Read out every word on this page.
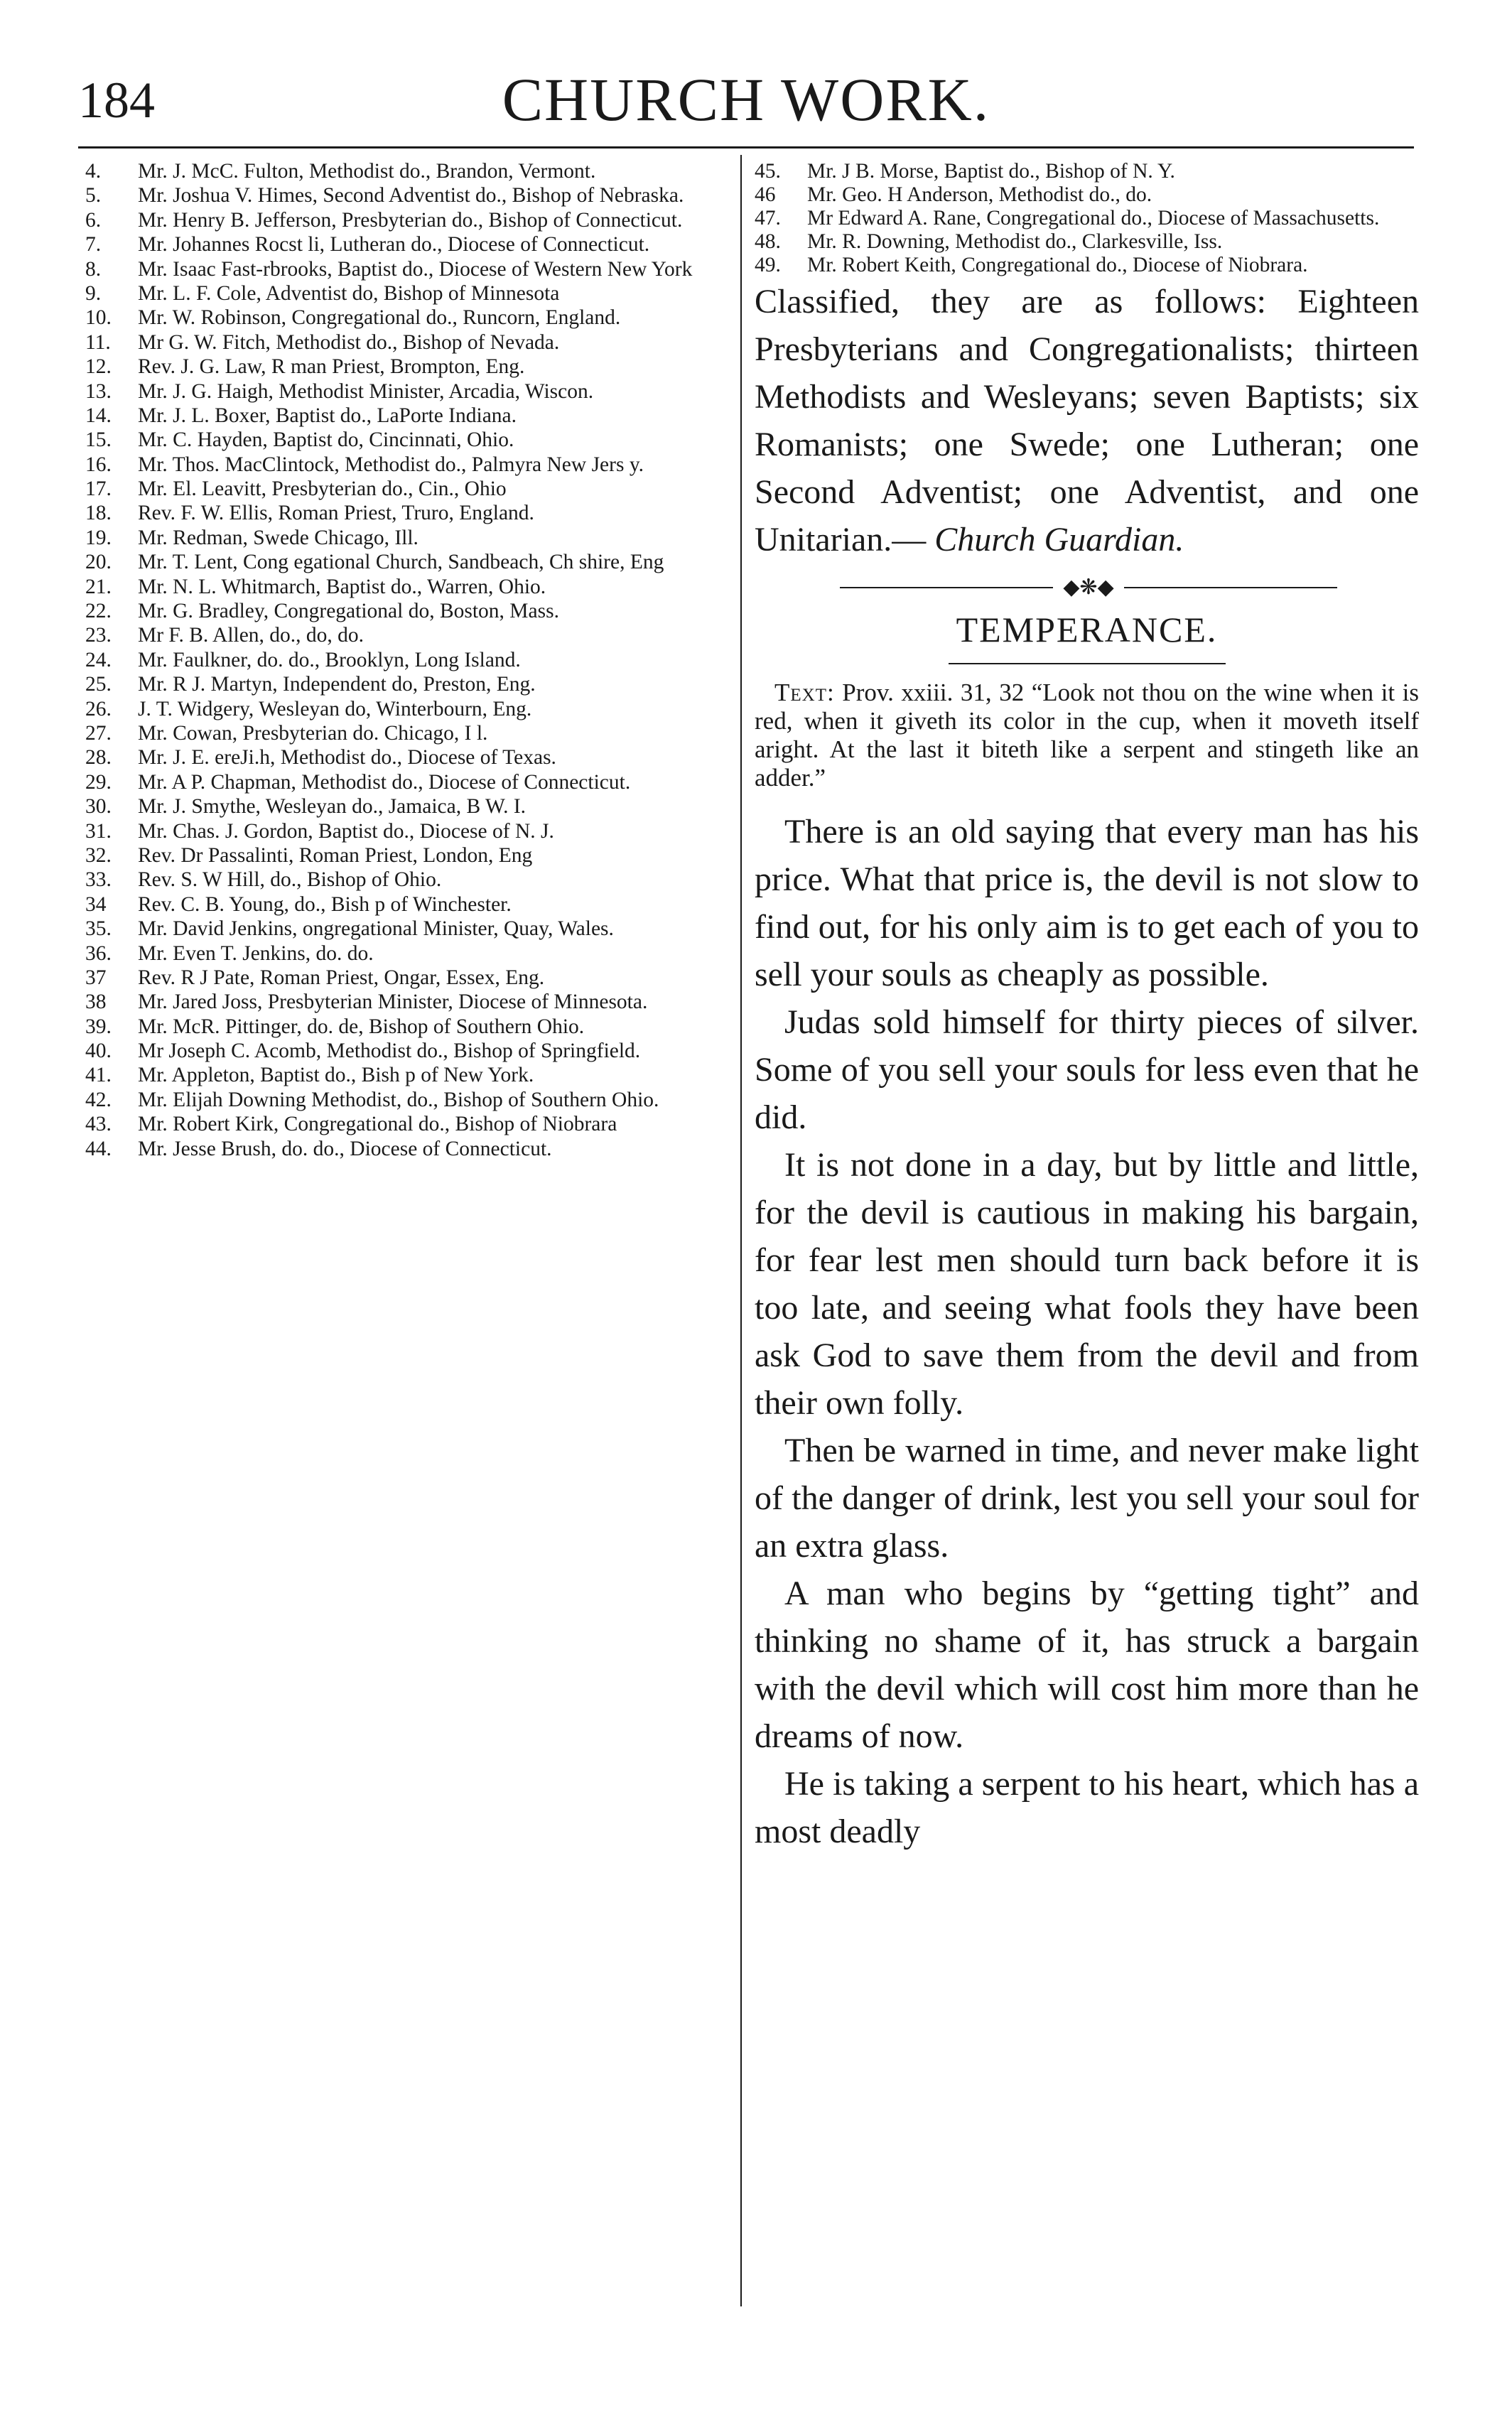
184	CHURCH WORK.

4. Mr. J. McC. Fulton, Methodist do., Brandon, Vermont.

5. Mr. Joshua V. Himes, Second Adventist do., Bishop of Nebraska.

6. Mr. Henry B. Jefferson, Presbyterian do., Bishop of Connecticut.

7. Mr. Johannes Rocst li, Lutheran do., Diocese of Connecticut.

8. Mr. Isaac Fast-rbrooks, Baptist do., Diocese of Western New York

9. Mr. L. F. Cole, Adventist do, Bishop of Minnesota

10. Mr. W. Robinson, Congregational do., Runcorn, England.

11. Mr G. W. Fitch, Methodist do., Bishop of Nevada.

12. Rev. J. G. Law, R man Priest, Brompton, Eng.

13. Mr. J. G. Haigh, Methodist Minister, Arcadia, Wiscon.

14. Mr. J. L. Boxer, Baptist do., LaPorte Indiana.

15. Mr. C. Hayden, Baptist do, Cincinnati, Ohio.

16. Mr. Thos. MacClintock, Methodist do., Palmyra New Jers y.

17. Mr. El. Leavitt, Presbyterian do., Cin., Ohio

18. Rev. F. W. Ellis, Roman Priest, Truro, England.

19. Mr. Redman, Swede Chicago, Ill.

20. Mr. T. Lent, Cong egational Church, Sandbeach, Ch shire, Eng

21. Mr. N. L. Whitmarch, Baptist do., Warren, Ohio.

22. Mr. G. Bradley, Congregational do, Boston, Mass.

23. Mr F. B. Allen, do., do, do.

24. Mr. Faulkner, do. do., Brooklyn, Long Island.

25. Mr. R J. Martyn, Independent do, Preston, Eng.

26. J. T. Widgery, Wesleyan do, Winterbourn, Eng.

27. Mr. Cowan, Presbyterian do. Chicago, I l.

28. Mr. J. E. ereJi.h, Methodist do., Diocese of Texas.

29. Mr. A P. Chapman, Methodist do., Diocese of Connecticut.

30. Mr. J. Smythe, Wesleyan do., Jamaica, B W. I.

31. Mr. Chas. J. Gordon, Baptist do., Diocese of N. J.

32. Rev. Dr Passalinti, Roman Priest, London, Eng

33. Rev. S. W Hill, do., Bishop of Ohio.

34 Rev. C. B. Young, do., Bish p of Winchester.

35. Mr. David Jenkins, ongregational Minister, Quay, Wales.

36. Mr. Even T. Jenkins, do. do.

37 Rev. R J Pate, Roman Priest, Ongar, Essex, Eng.

38 Mr. Jared Joss, Presbyterian Minister, Diocese of Minnesota.

39. Mr. McR. Pittinger, do. de, Bishop of Southern Ohio.

40. Mr Joseph C. Acomb, Methodist do., Bishop of Springfield.

41. Mr. Appleton, Baptist do., Bish p of New York.

42. Mr. Elijah Downing Methodist, do., Bishop of Southern Ohio.

43. Mr. Robert Kirk, Congregational do., Bishop of Niobrara

44. Mr. Jesse Brush, do. do., Diocese of Connecticut.

45. Mr. J B. Morse, Baptist do., Bishop of N. Y.

46 Mr. Geo. H Anderson, Methodist do., do.

47. Mr Edward A. Rane, Congregational do., Diocese of Massachusetts.

48. Mr. R. Downing, Methodist do., Clarkesville, Iss.

49. Mr. Robert Keith, Congregational do., Diocese of Niobrara.

Classified, they are as follows: Eighteen Presbyterians and Congregationalists; thirteen Methodists and Wesleyans; seven Baptists; six Romanists; one Swede; one Lutheran; one Second Adventist; one Adventist, and one Unitarian.— Church Guardian.

◆❋◆
TEMPERANCE.

Text: Prov. xxiii. 31, 32 “Look not thou on the wine when it is red, when it giveth its color in the cup, when it moveth itself aright. At the last it biteth like a serpent and stingeth like an adder.”

There is an old saying that every man has his price. What that price is, the devil is not slow to find out, for his only aim is to get each of you to sell your souls as cheaply as possible.

Judas sold himself for thirty pieces of silver. Some of you sell your souls for less even that he did.

It is not done in a day, but by little and little, for the devil is cautious in making his bargain, for fear lest men should turn back before it is too late, and seeing what fools they have been ask God to save them from the devil and from their own folly.

Then be warned in time, and never make light of the danger of drink, lest you sell your soul for an extra glass.

A man who begins by “getting tight” and thinking no shame of it, has struck a bargain with the devil which will cost him more than he dreams of now.

He is taking a serpent to his heart, which has a most deadly
